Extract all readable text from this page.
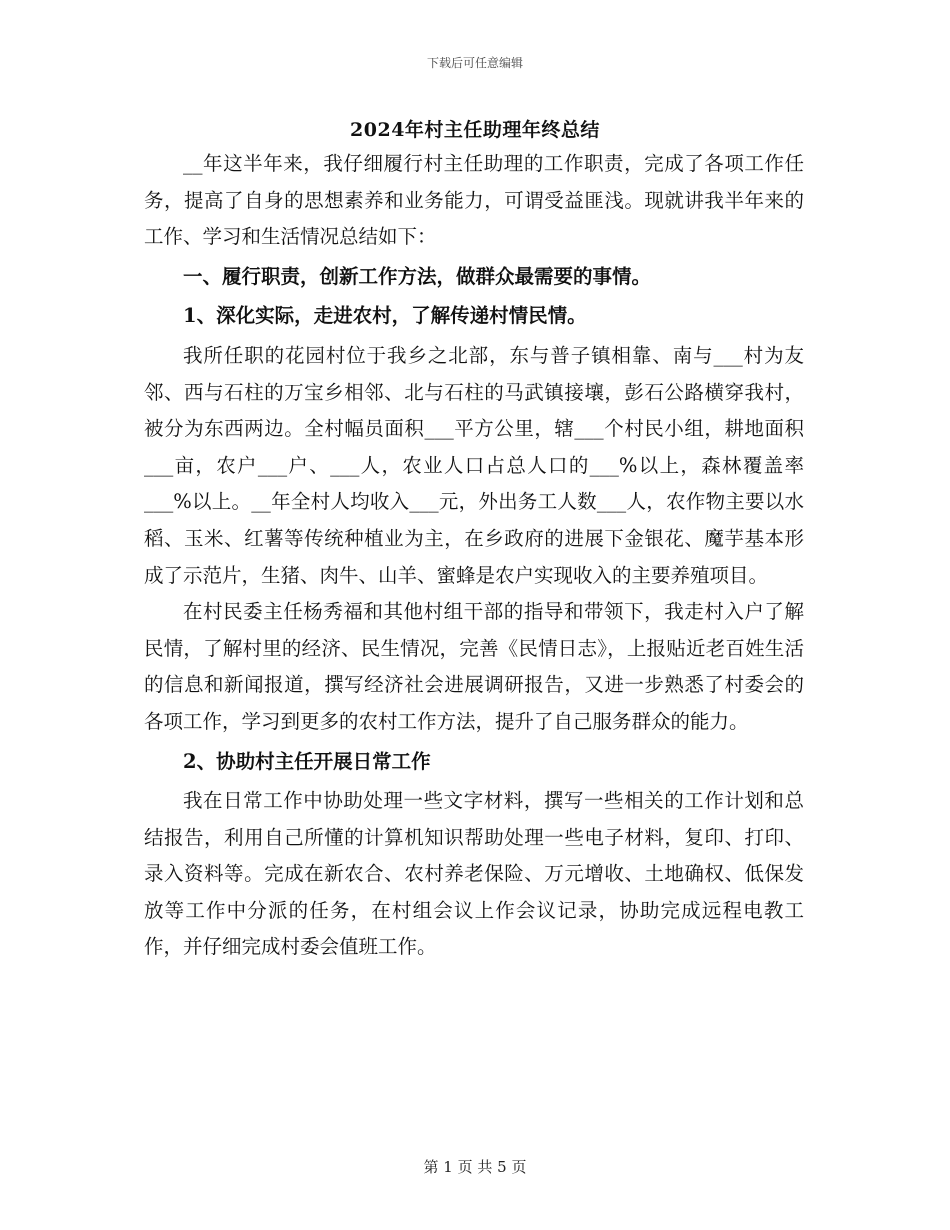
下载后可任意编辑
2024年村主任助理年终总结

__年这半年来，我仔细履行村主任助理的工作职责，完成了各项工作任务，提高了自身的思想素养和业务能力，可谓受益匪浅。现就讲我半年来的工作、学习和生活情况总结如下：

一、履行职责，创新工作方法，做群众最需要的事情。

1、深化实际，走进农村，了解传递村情民情。

我所任职的花园村位于我乡之北部，东与普子镇相靠、南与___村为友邻、西与石柱的万宝乡相邻、北与石柱的马武镇接壤，彭石公路横穿我村，被分为东西两边。全村幅员面积___平方公里，辖___个村民小组，耕地面积___亩，农户___户、___人，农业人口占总人口的___%以上，森林覆盖率___%以上。__年全村人均收入___元，外出务工人数___人，农作物主要以水稻、玉米、红薯等传统种植业为主，在乡政府的进展下金银花、魔芋基本形成了示范片，生猪、肉牛、山羊、蜜蜂是农户实现收入的主要养殖项目。

在村民委主任杨秀福和其他村组干部的指导和带领下，我走村入户了解民情，了解村里的经济、民生情况，完善《民情日志》，上报贴近老百姓生活的信息和新闻报道，撰写经济社会进展调研报告，又进一步熟悉了村委会的各项工作，学习到更多的农村工作方法，提升了自己服务群众的能力。

2、协助村主任开展日常工作

我在日常工作中协助处理一些文字材料，撰写一些相关的工作计划和总结报告，利用自己所懂的计算机知识帮助处理一些电子材料，复印、打印、录入资料等。完成在新农合、农村养老保险、万元增收、土地确权、低保发放等工作中分派的任务，在村组会议上作会议记录，协助完成远程电教工作，并仔细完成村委会值班工作。

第 1 页 共 5 页
